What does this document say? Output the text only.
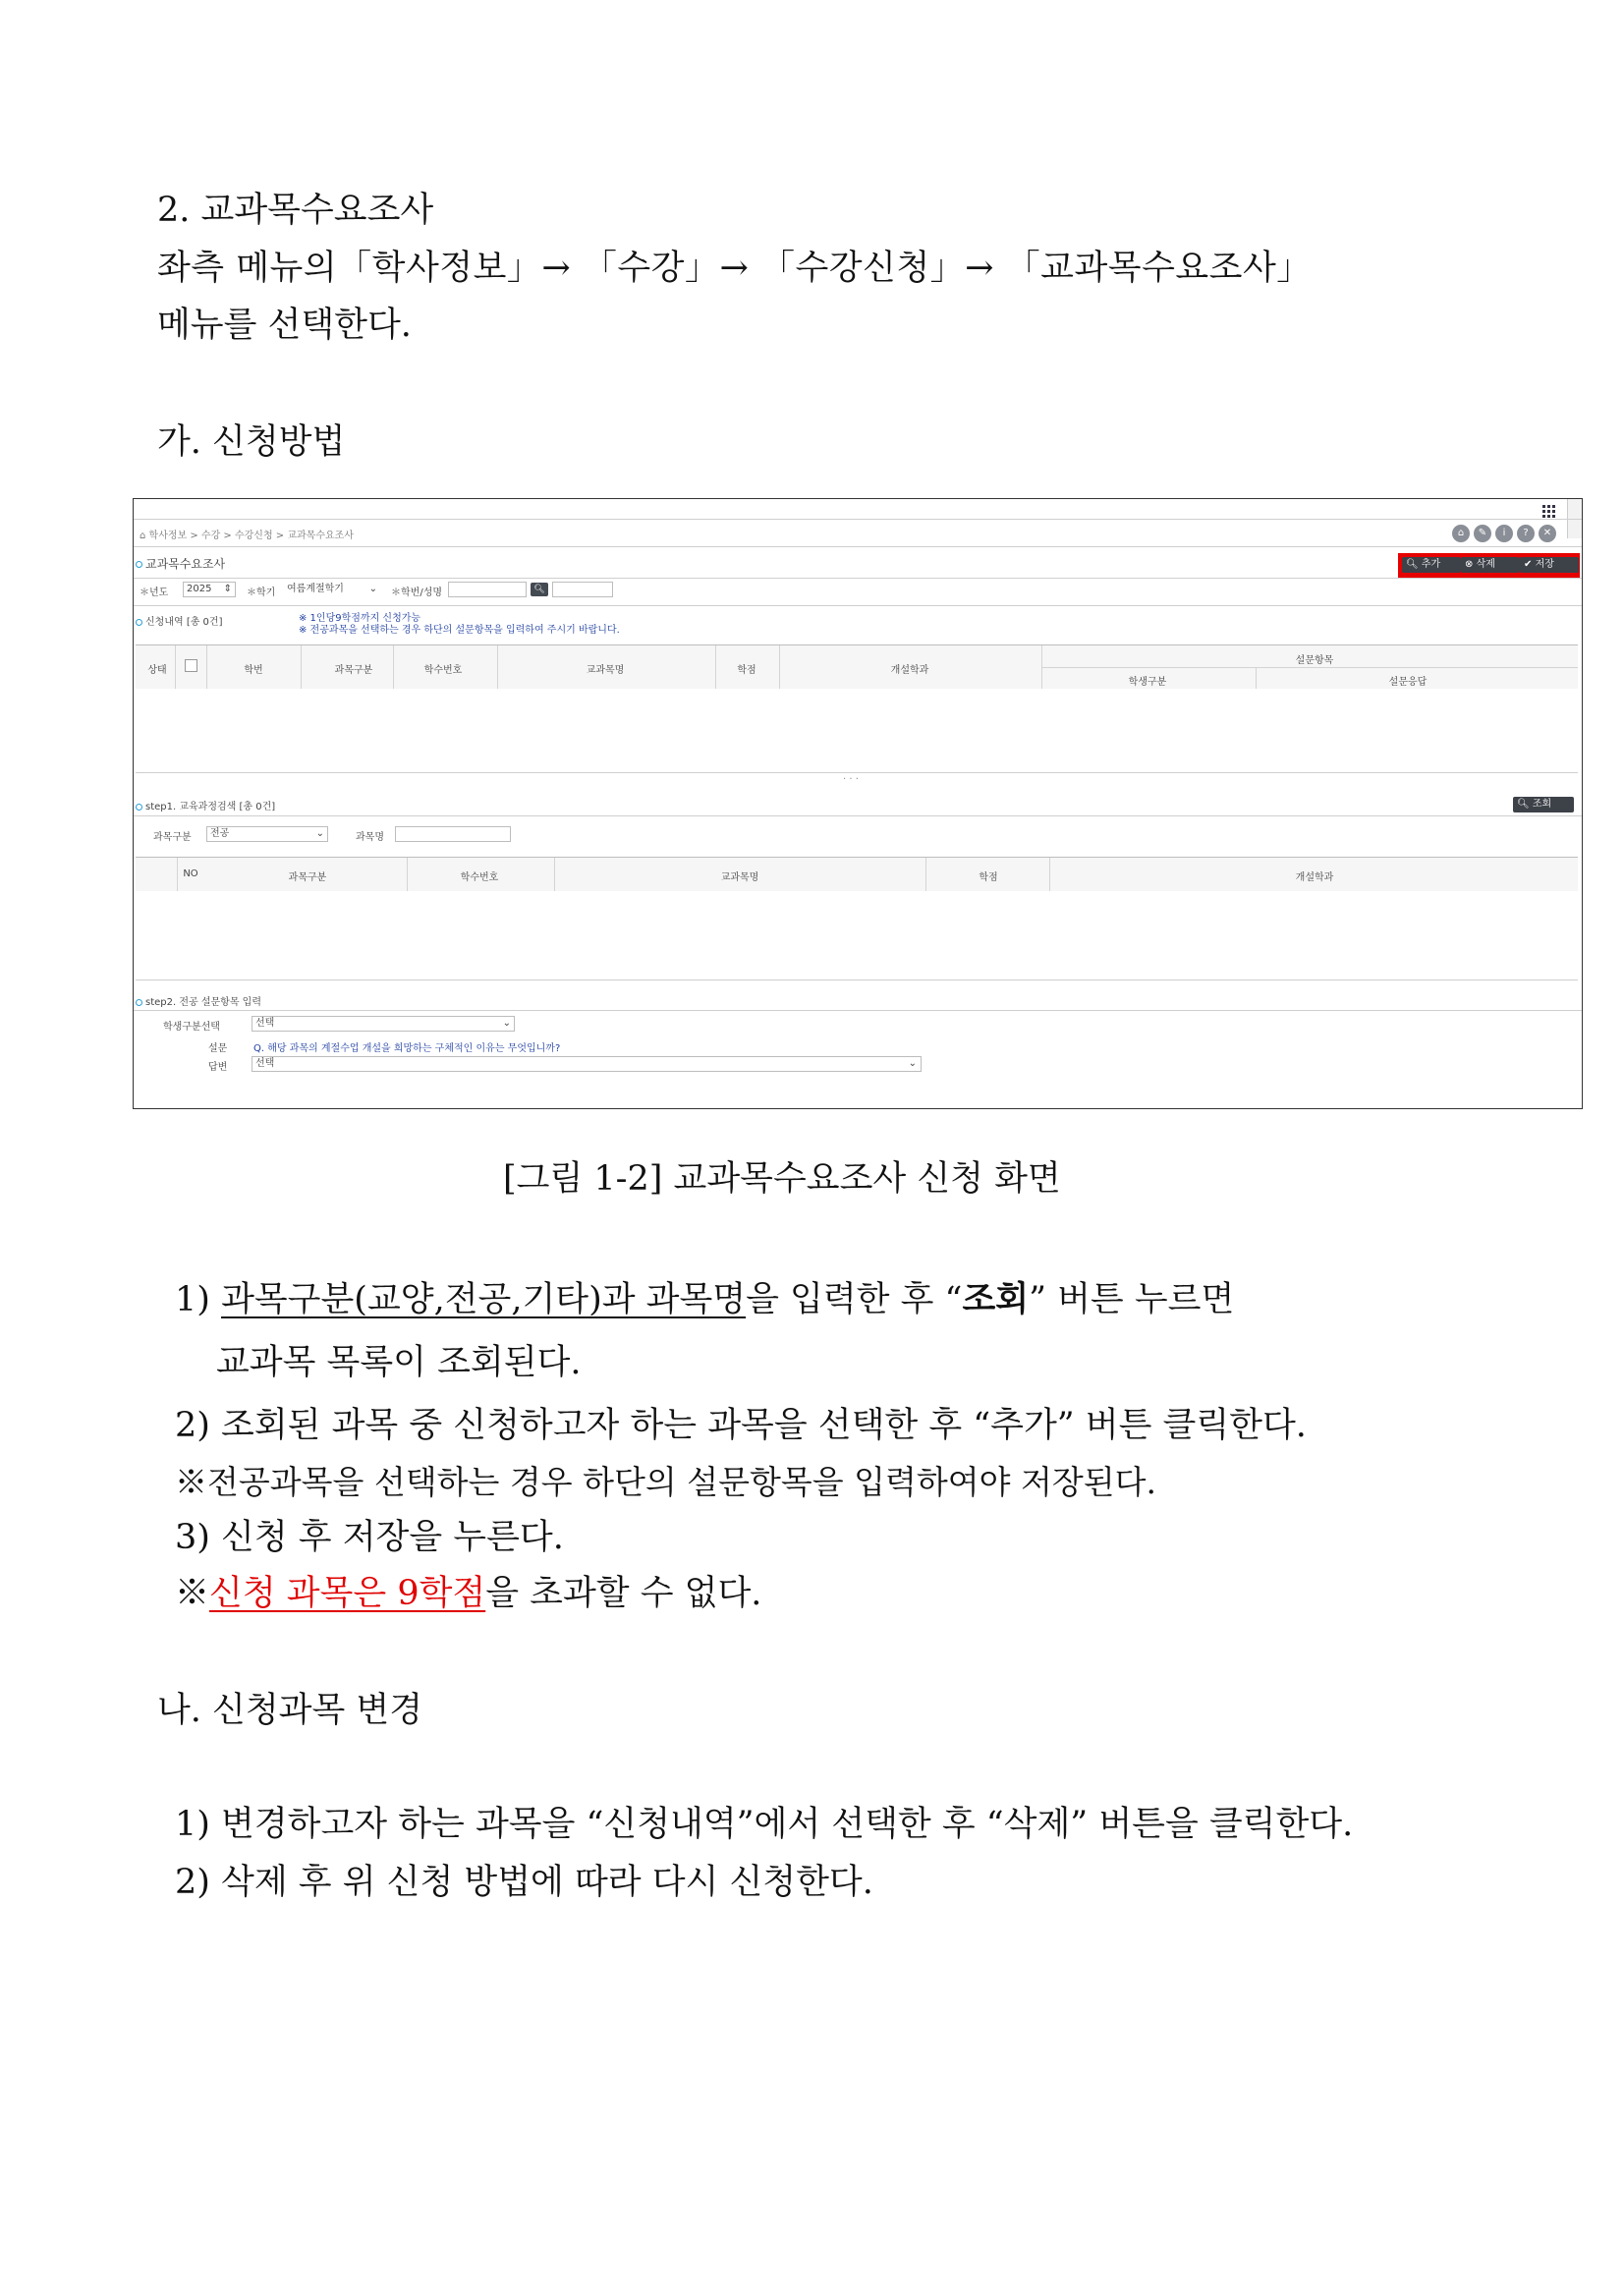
2. 교과목수요조사
좌측 메뉴의「학사정보」→ 「수강」→ 「수강신청」→ 「교과목수요조사」
메뉴를 선택한다.
가. 신청방법
⌂ 학사정보 > 수강 > 수강신청 > 교과목수요조사	⌂	✎	i	?	✕
교과목수요조사	🔍︎ 추가	⊗ 삭제	✔ 저장
＊년도	2025 ⇕ ＊학기	여름계절학기	⌄ ＊학번/성명	🔍︎
신청내역 [총 0건]	※ 1인당9학점까지 신청가능
※ 전공과목을 선택하는 경우 하단의 설문항목을 입력하여 주시기 바랍니다.
상태	학번	과목구분	학수번호	교과목명	학점	개설학과
설문항목
학생구분	설문응답
· · ·
step1. 교육과정검색 [총 0건]	🔍︎ 조회
과목구분	전공	⌄	과목명
NO	과목구분	학수번호	교과목명	학점	개설학과
step2. 전공 설문항목 입력
학생구분선택	선택	⌄
설문	Q. 해당 과목의 계절수업 개설을 희망하는 구체적인 이유는 무엇입니까?
답변	선택	⌄
[그림 1-2] 교과목수요조사 신청 화면
1) 과목구분(교양,전공,기타)과 과목명을 입력한 후 “조회” 버튼 누르면
교과목 목록이 조회된다.
2) 조회된 과목 중 신청하고자 하는 과목을 선택한 후 “추가” 버튼 클릭한다.
※전공과목을 선택하는 경우 하단의 설문항목을 입력하여야 저장된다.
3) 신청 후 저장을 누른다.
※신청 과목은 9학점을 초과할 수 없다.
나. 신청과목 변경
1) 변경하고자 하는 과목을 “신청내역”에서 선택한 후 “삭제” 버튼을 클릭한다.
2) 삭제 후 위 신청 방법에 따라 다시 신청한다.
